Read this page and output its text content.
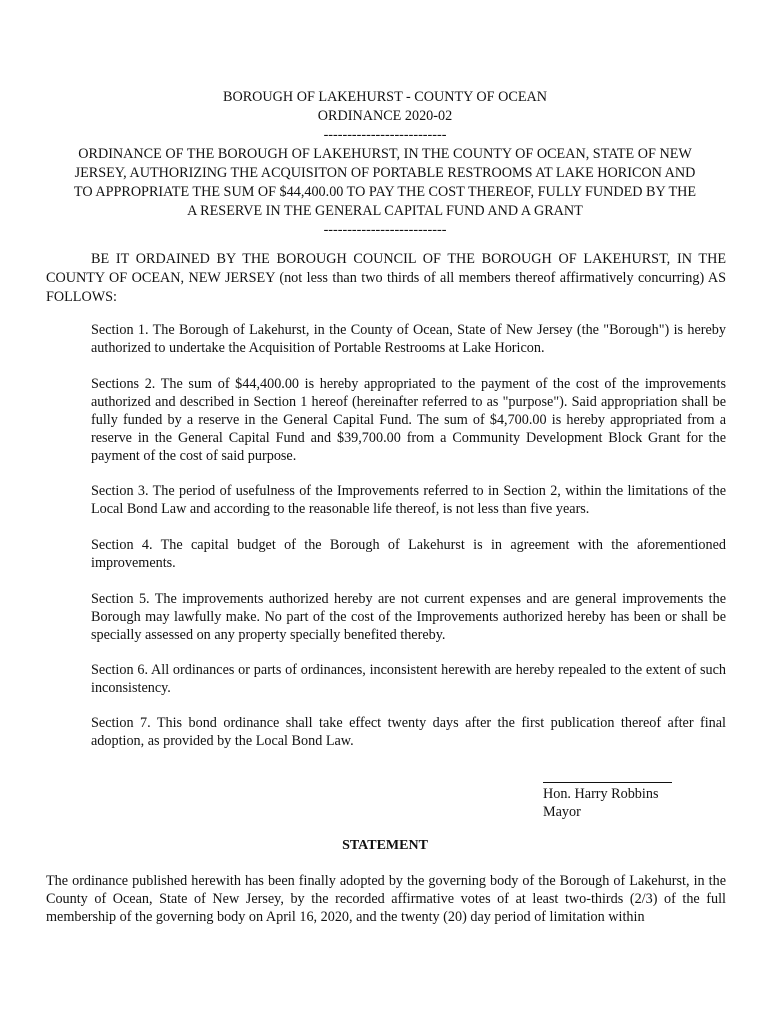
BOROUGH OF LAKEHURST - COUNTY OF OCEAN
ORDINANCE 2020-02
--------------------------
ORDINANCE OF THE BOROUGH OF LAKEHURST, IN THE COUNTY OF OCEAN, STATE OF NEW
JERSEY, AUTHORIZING THE ACQUISITON OF PORTABLE RESTROOMS AT LAKE HORICON AND
TO APPROPRIATE THE SUM OF $44,400.00 TO PAY THE COST THEREOF, FULLY FUNDED BY THE
A RESERVE IN THE GENERAL CAPITAL FUND AND A GRANT
--------------------------

BE IT ORDAINED BY THE BOROUGH COUNCIL OF THE BOROUGH OF LAKEHURST, IN THE COUNTY OF OCEAN, NEW JERSEY (not less than two thirds of all members thereof affirmatively concurring) AS FOLLOWS:

Section 1. The Borough of Lakehurst, in the County of Ocean, State of New Jersey (the "Borough") is hereby authorized to undertake the Acquisition of Portable Restrooms at Lake Horicon.

Sections 2. The sum of $44,400.00 is hereby appropriated to the payment of the cost of the improvements authorized and described in Section 1 hereof (hereinafter referred to as "purpose"). Said appropriation shall be fully funded by a reserve in the General Capital Fund. The sum of $4,700.00 is hereby appropriated from a reserve in the General Capital Fund and $39,700.00 from a Community Development Block Grant for the payment of the cost of said purpose.

Section 3. The period of usefulness of the Improvements referred to in Section 2, within the limitations of the Local Bond Law and according to the reasonable life thereof, is not less than five years.

Section 4. The capital budget of the Borough of Lakehurst is in agreement with the aforementioned improvements.

Section 5. The improvements authorized hereby are not current expenses and are general improvements the Borough may lawfully make. No part of the cost of the Improvements authorized hereby has been or shall be specially assessed on any property specially benefited thereby.

Section 6. All ordinances or parts of ordinances, inconsistent herewith are hereby repealed to the extent of such inconsistency.

Section 7. This bond ordinance shall take effect twenty days after the first publication thereof after final adoption, as provided by the Local Bond Law.

Hon. Harry Robbins
Mayor
STATEMENT

The ordinance published herewith has been finally adopted by the governing body of the Borough of Lakehurst, in the County of Ocean, State of New Jersey, by the recorded affirmative votes of at least two-thirds (2/3) of the full membership of the governing body on April 16, 2020, and the twenty (20) day period of limitation within
